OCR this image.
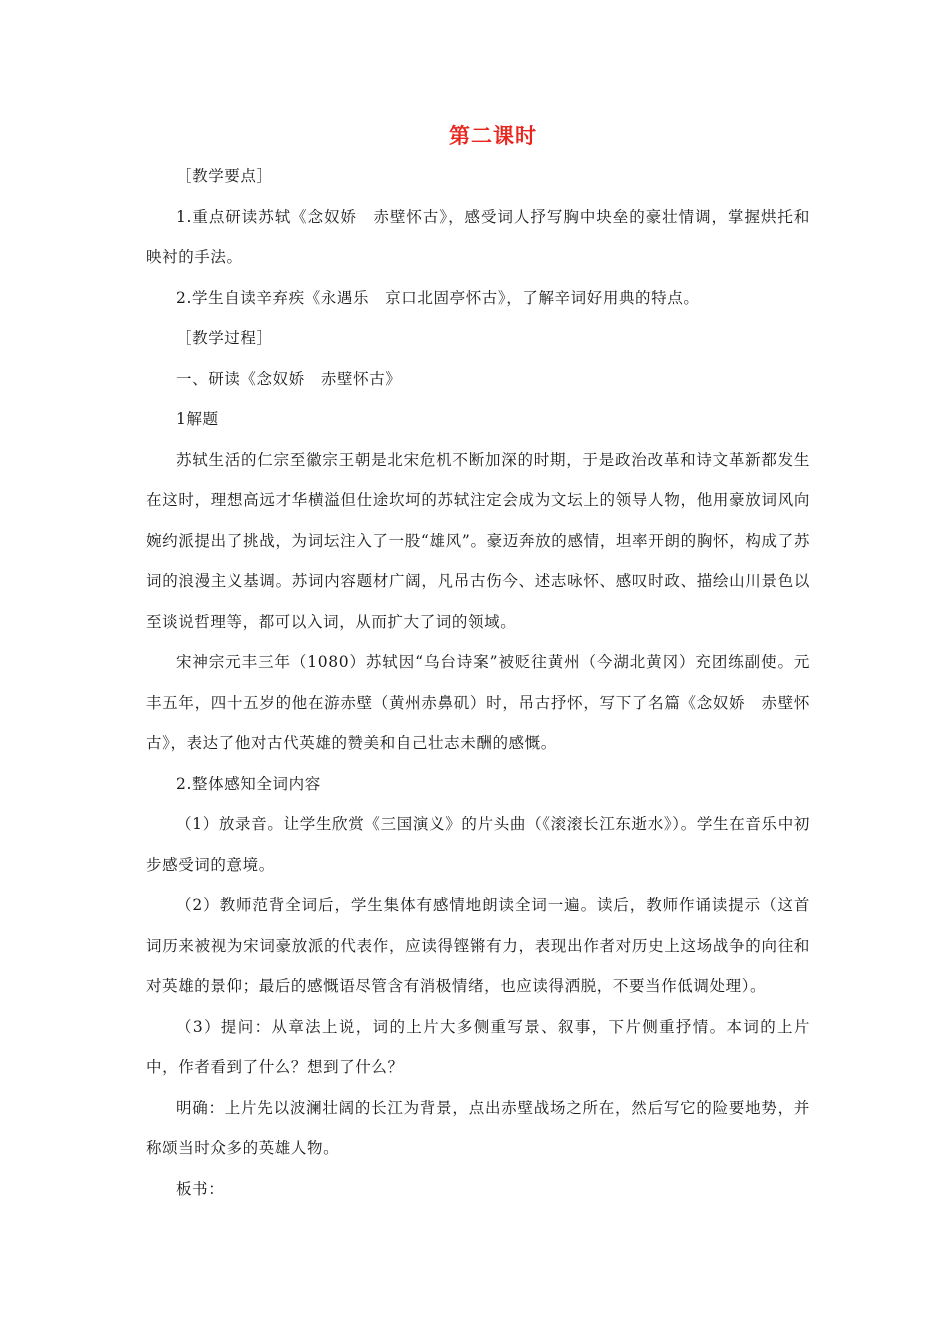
第二课时

［教学要点］

1.重点研读苏轼《念奴娇　赤壁怀古》，感受词人抒写胸中块垒的豪壮情调，掌握烘托和映衬的手法。

2.学生自读辛弃疾《永遇乐　京口北固亭怀古》，了解辛词好用典的特点。

［教学过程］

一、研读《念奴娇　赤壁怀古》

1解题

苏轼生活的仁宗至徽宗王朝是北宋危机不断加深的时期，于是政治改革和诗文革新都发生在这时，理想高远才华横溢但仕途坎坷的苏轼注定会成为文坛上的领导人物，他用豪放词风向婉约派提出了挑战，为词坛注入了一股“雄风”。豪迈奔放的感情，坦率开朗的胸怀，构成了苏词的浪漫主义基调。苏词内容题材广阔，凡吊古伤今、述志咏怀、感叹时政、描绘山川景色以至谈说哲理等，都可以入词，从而扩大了词的领域。

宋神宗元丰三年（1080）苏轼因“乌台诗案”被贬往黄州（今湖北黄冈）充团练副使。元丰五年，四十五岁的他在游赤壁（黄州赤鼻矶）时，吊古抒怀，写下了名篇《念奴娇　赤壁怀古》，表达了他对古代英雄的赞美和自己壮志未酬的感慨。

2.整体感知全词内容

（1）放录音。让学生欣赏《三国演义》的片头曲（《滚滚长江东逝水》）。学生在音乐中初步感受词的意境。

（2）教师范背全词后，学生集体有感情地朗读全词一遍。读后，教师作诵读提示（这首词历来被视为宋词豪放派的代表作，应读得铿锵有力，表现出作者对历史上这场战争的向往和对英雄的景仰；最后的感慨语尽管含有消极情绪，也应读得洒脱，不要当作低调处理）。

（3）提问：从章法上说，词的上片大多侧重写景、叙事，下片侧重抒情。本词的上片中，作者看到了什么？想到了什么？

明确：上片先以波澜壮阔的长江为背景，点出赤壁战场之所在，然后写它的险要地势，并称颂当时众多的英雄人物。

板书：
